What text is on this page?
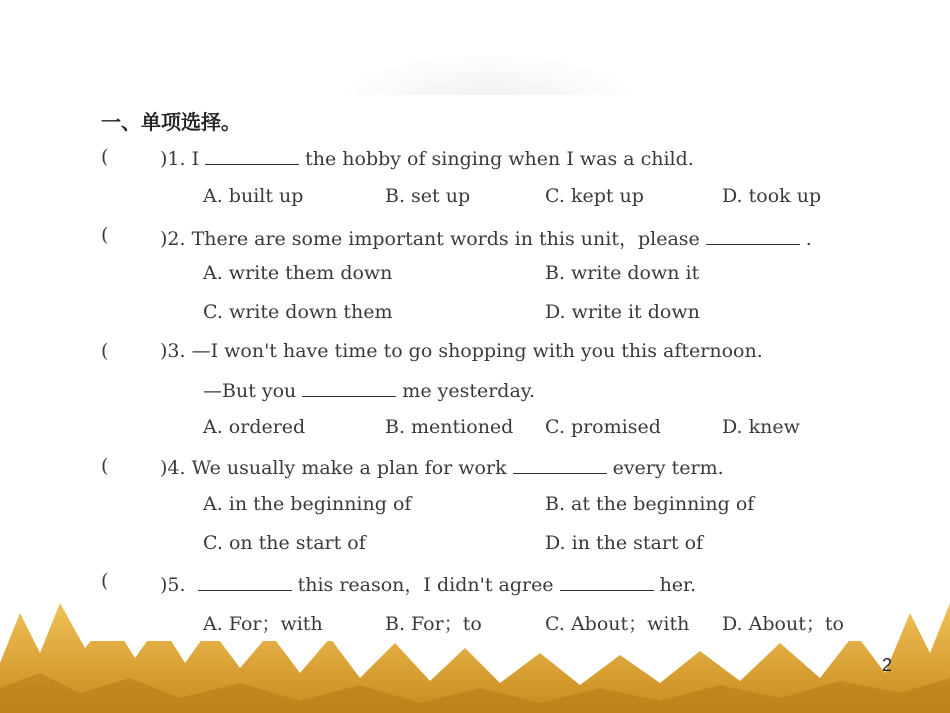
一、单项选择。
(	)1. I	the hobby of singing when I was a child.
A. built up	B. set up	C. kept up	D. took up
(	)2. There are some important words in this unit，please	.
A. write them down	B. write down it
C. write down them	D. write it down
(	)3. —I won't have time to go shopping with you this afternoon.
—But you	me yesterday.
A. ordered	B. mentioned C. promised	D. knew
(	)4. We usually make a plan for work	every term.
A. in the beginning of	B. at the beginning of
C. on the start of	D. in the start of
(	)5.	this reason，I didn't agree	her.
A. For；with	B. For；to	C. About；with D. About；to
2
